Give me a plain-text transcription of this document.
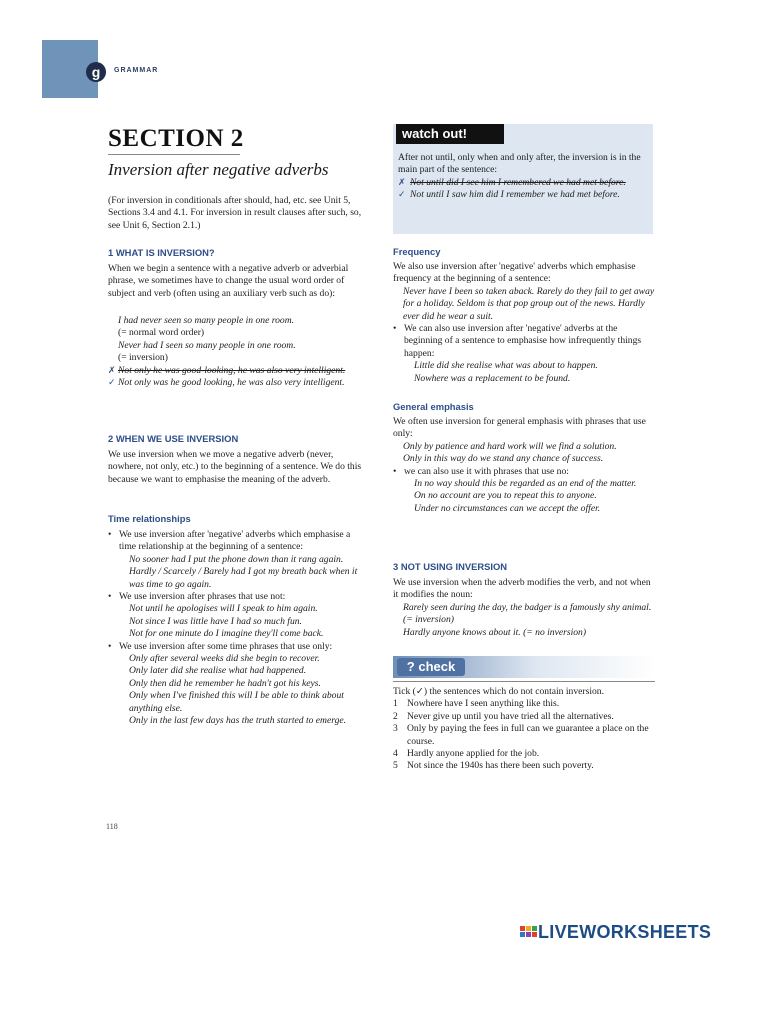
g	GRAMMAR
SECTION 2
Inversion after negative adverbs
(For inversion in conditionals after should, had, etc. see Unit 5, Sections 3.4 and 4.1. For inversion in result clauses after such, so, see Unit 6, Section 2.1.)
1 WHAT IS INVERSION?
When we begin a sentence with a negative adverb or adverbial phrase, we sometimes have to change the usual word order of subject and verb (often using an auxiliary verb such as do):
I had never seen so many people in one room.
(= normal word order)
Never had I seen so many people in one room.
(= inversion)
✗ Not only he was good-looking, he was also very intelligent.
✓ Not only was he good looking, he was also very intelligent.
2 WHEN WE USE INVERSION
We use inversion when we move a negative adverb (never, nowhere, not only, etc.) to the beginning of a sentence. We do this because we want to emphasise the meaning of the adverb.
Time relationships
• We use inversion after 'negative' adverbs which emphasise a time relationship at the beginning of a sentence:
No sooner had I put the phone down than it rang again.
Hardly / Scarcely / Barely had I got my breath back when it was time to go again.
• We use inversion after phrases that use not:
Not until he apologises will I speak to him again.
Not since I was little have I had so much fun.
Not for one minute do I imagine they'll come back.
• We use inversion after some time phrases that use only:
Only after several weeks did she begin to recover.
Only later did she realise what had happened.
Only then did he remember he hadn't got his keys.
Only when I've finished this will I be able to think about anything else.
Only in the last few days has the truth started to emerge.
118
watch out!
After not until, only when and only after, the inversion is in the main part of the sentence:
✗ Not until did I see him I remembered we had met before.
✓ Not until I saw him did I remember we had met before.
Frequency
We also use inversion after 'negative' adverbs which emphasise frequency at the beginning of a sentence:
Never have I been so taken aback. Rarely do they fail to get away for a holiday. Seldom is that pop group out of the news. Hardly ever did he wear a suit.
• We can also use inversion after 'negative' adverbs at the beginning of a sentence to emphasise how infrequently things happen:
Little did she realise what was about to happen.
Nowhere was a replacement to be found.
General emphasis
We often use inversion for general emphasis with phrases that use only:
Only by patience and hard work will we find a solution.
Only in this way do we stand any chance of success.
• we can also use it with phrases that use no:
In no way should this be regarded as an end of the matter.
On no account are you to repeat this to anyone.
Under no circumstances can we accept the offer.
3 NOT USING INVERSION
We use inversion when the adverb modifies the verb, and not when it modifies the noun:
Rarely seen during the day, the badger is a famously shy animal. (= inversion)
Hardly anyone knows about it. (= no inversion)
? check
Tick (✓) the sentences which do not contain inversion.
1 Nowhere have I seen anything like this.
2 Never give up until you have tried all the alternatives.
3 Only by paying the fees in full can we guarantee a place on the course.
4 Hardly anyone applied for the job.
5 Not since the 1940s has there been such poverty.
LIVEWORKSHEETS
